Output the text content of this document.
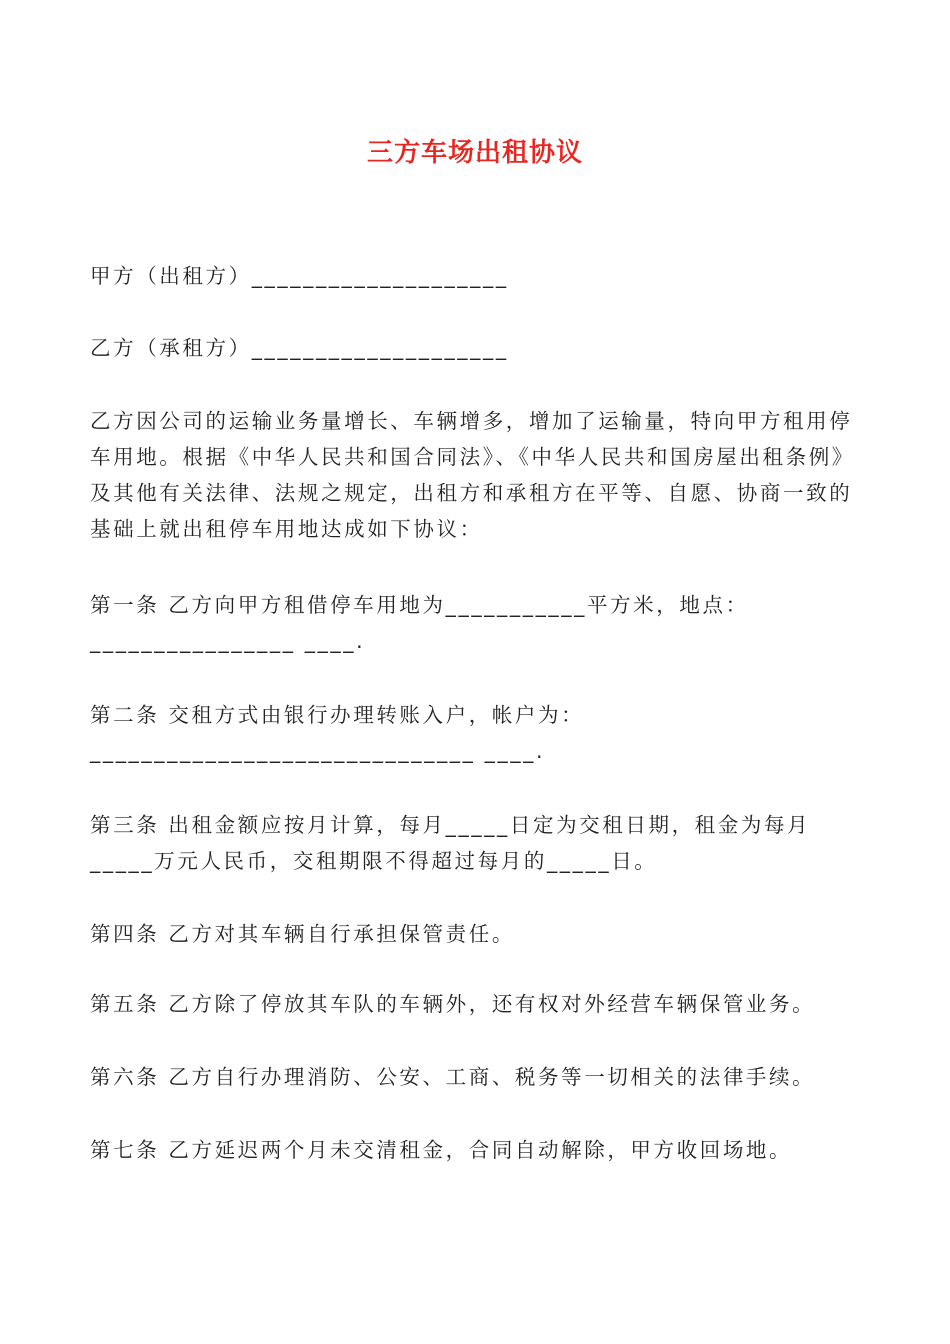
三方车场出租协议

甲方（出租方）____________________

乙方（承租方）____________________

乙方因公司的运输业务量增长、车辆增多，增加了运输量，特向甲方租用停车用地。根据《中华人民共和国合同法》、《中华人民共和国房屋出租条例》及其他有关法律、法规之规定，出租方和承租方在平等、自愿、协商一致的基础上就出租停车用地达成如下协议：

第一条 乙方向甲方租借停车用地为___________平方米，地点：________________ ____.

第二条 交租方式由银行办理转账入户，帐户为：______________________________ ____.

第三条 出租金额应按月计算，每月_____日定为交租日期，租金为每月_____万元人民币，交租期限不得超过每月的_____日。

第四条 乙方对其车辆自行承担保管责任。

第五条 乙方除了停放其车队的车辆外，还有权对外经营车辆保管业务。

第六条 乙方自行办理消防、公安、工商、税务等一切相关的法律手续。

第七条 乙方延迟两个月未交清租金，合同自动解除，甲方收回场地。
